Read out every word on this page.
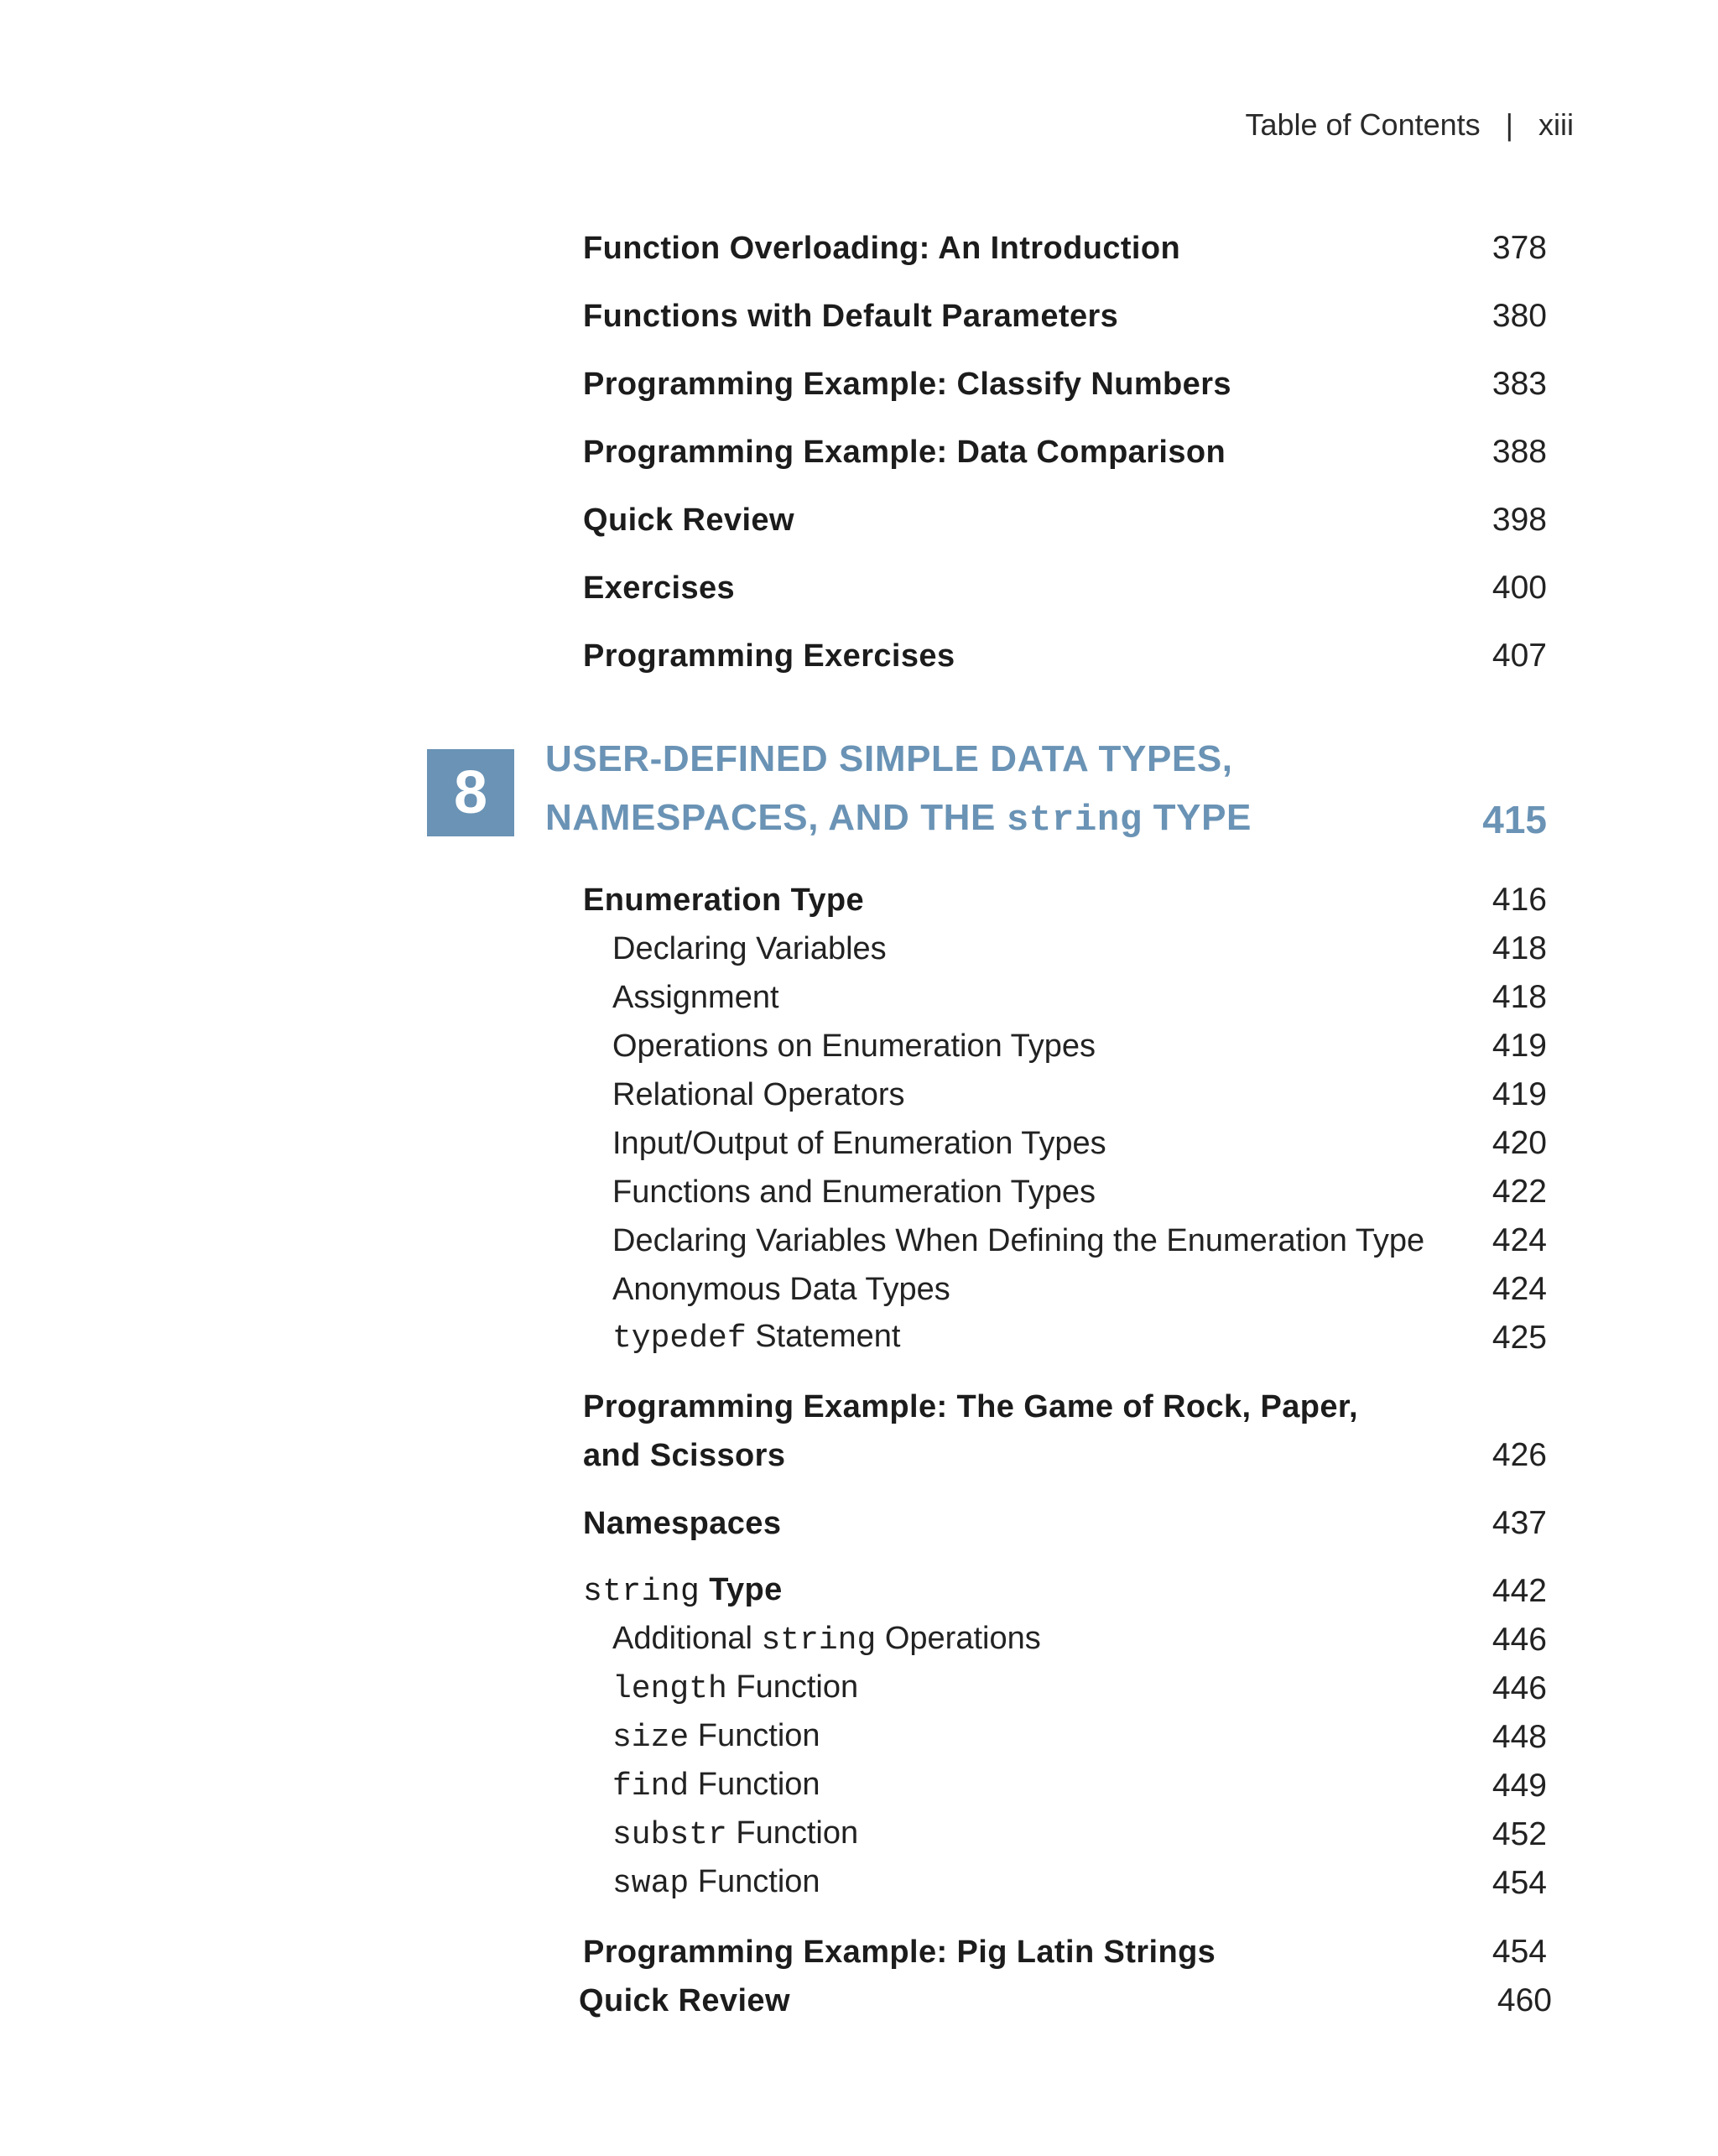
Table of Contents | xiii
Function Overloading: An Introduction	378
Functions with Default Parameters	380
Programming Example: Classify Numbers	383
Programming Example: Data Comparison	388
Quick Review	398
Exercises	400
Programming Exercises	407
8
USER-DEFINED SIMPLE DATA TYPES,
NAMESPACES, AND THE string TYPE	415
Enumeration Type	416
Declaring Variables	418
Assignment	418
Operations on Enumeration Types	419
Relational Operators	419
Input/Output of Enumeration Types	420
Functions and Enumeration Types	422
Declaring Variables When Defining the Enumeration Type 424
Anonymous Data Types	424
typedef Statement	425
Programming Example: The Game of Rock, Paper,
and Scissors	426
Namespaces	437
string Type	442
Additional string Operations	446
length Function	446
size Function	448
find Function	449
substr Function	452
swap Function	454
Programming Example: Pig Latin Strings	454
Quick Review	460
